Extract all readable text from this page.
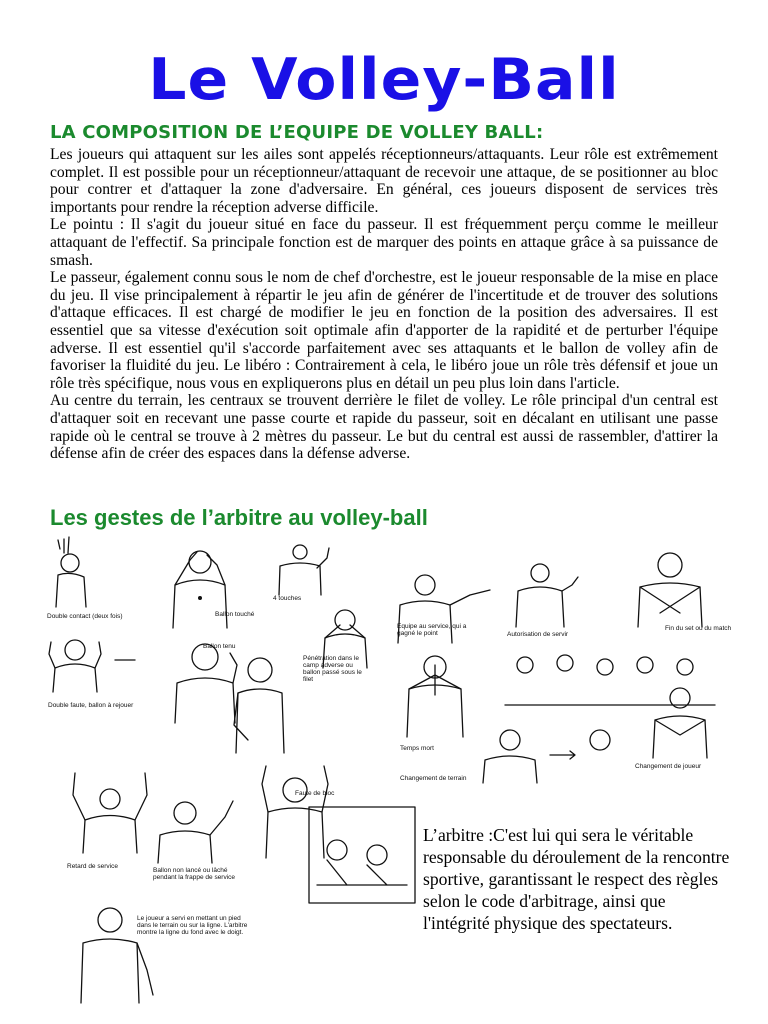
Le Volley-Ball
LA COMPOSITION DE L’EQUIPE DE VOLLEY BALL:

Les joueurs qui attaquent sur les ailes sont appelés réceptionneurs/attaquants. Leur rôle est extrêmement complet. Il est possible pour un réceptionneur/attaquant de recevoir une attaque, de se positionner au bloc pour contrer et d'attaquer la zone d'adversaire. En général, ces joueurs disposent de services très importants pour rendre la réception adverse difficile.

Le pointu : Il s'agit du joueur situé en face du passeur. Il est fréquemment perçu comme le meilleur attaquant de l'effectif. Sa principale fonction est de marquer des points en attaque grâce à sa puissance de smash.

Le passeur, également connu sous le nom de chef d'orchestre, est le joueur responsable de la mise en place du jeu. Il vise principalement à répartir le jeu afin de générer de l'incertitude et de trouver des solutions d'attaque efficaces. Il est chargé de modifier le jeu en fonction de la position des adversaires. Il est essentiel que sa vitesse d'exécution soit optimale afin d'apporter de la rapidité et de perturber l'équipe adverse. Il est essentiel qu'il s'accorde parfaitement avec ses attaquants et le ballon de volley afin de favoriser la fluidité du jeu. Le libéro : Contrairement à cela, le libéro joue un rôle très défensif et joue un rôle très spécifique, nous vous en expliquerons plus en détail un peu plus loin dans l'article.

Au centre du terrain, les centraux se trouvent derrière le filet de volley. Le rôle principal d'un central est d'attaquer soit en recevant une passe courte et rapide du passeur, soit en décalant en utilisant une passe rapide où le central se trouve à 2 mètres du passeur. Le but du central est aussi de rassembler, d'attirer la défense afin de créer des espaces dans la défense adverse.

Les gestes de l’arbitre au volley-ball
Double contact (deux fois)	Ballon touché
4 touches
Ballon tenu
Double faute, ballon à rejouer
Pénétration dans le camp adverse ou ballon passé sous le filet
Faute de bloc
Retard de service
Ballon non lancé ou lâché pendant la frappe de service
Le joueur a servi en mettant un pied dans le terrain ou sur la ligne. L'arbitre montre la ligne du fond avec le doigt.
Equipe au service, qui a gagné le point	Autorisation de servir
Fin du set ou du match
Temps mort
Changement de terrain
Changement de joueur
L’arbitre :C'est lui qui sera le véritable responsable du déroulement de la rencontre sportive, garantissant le respect des règles selon le code d'arbitrage, ainsi que l'intégrité physique des spectateurs.
